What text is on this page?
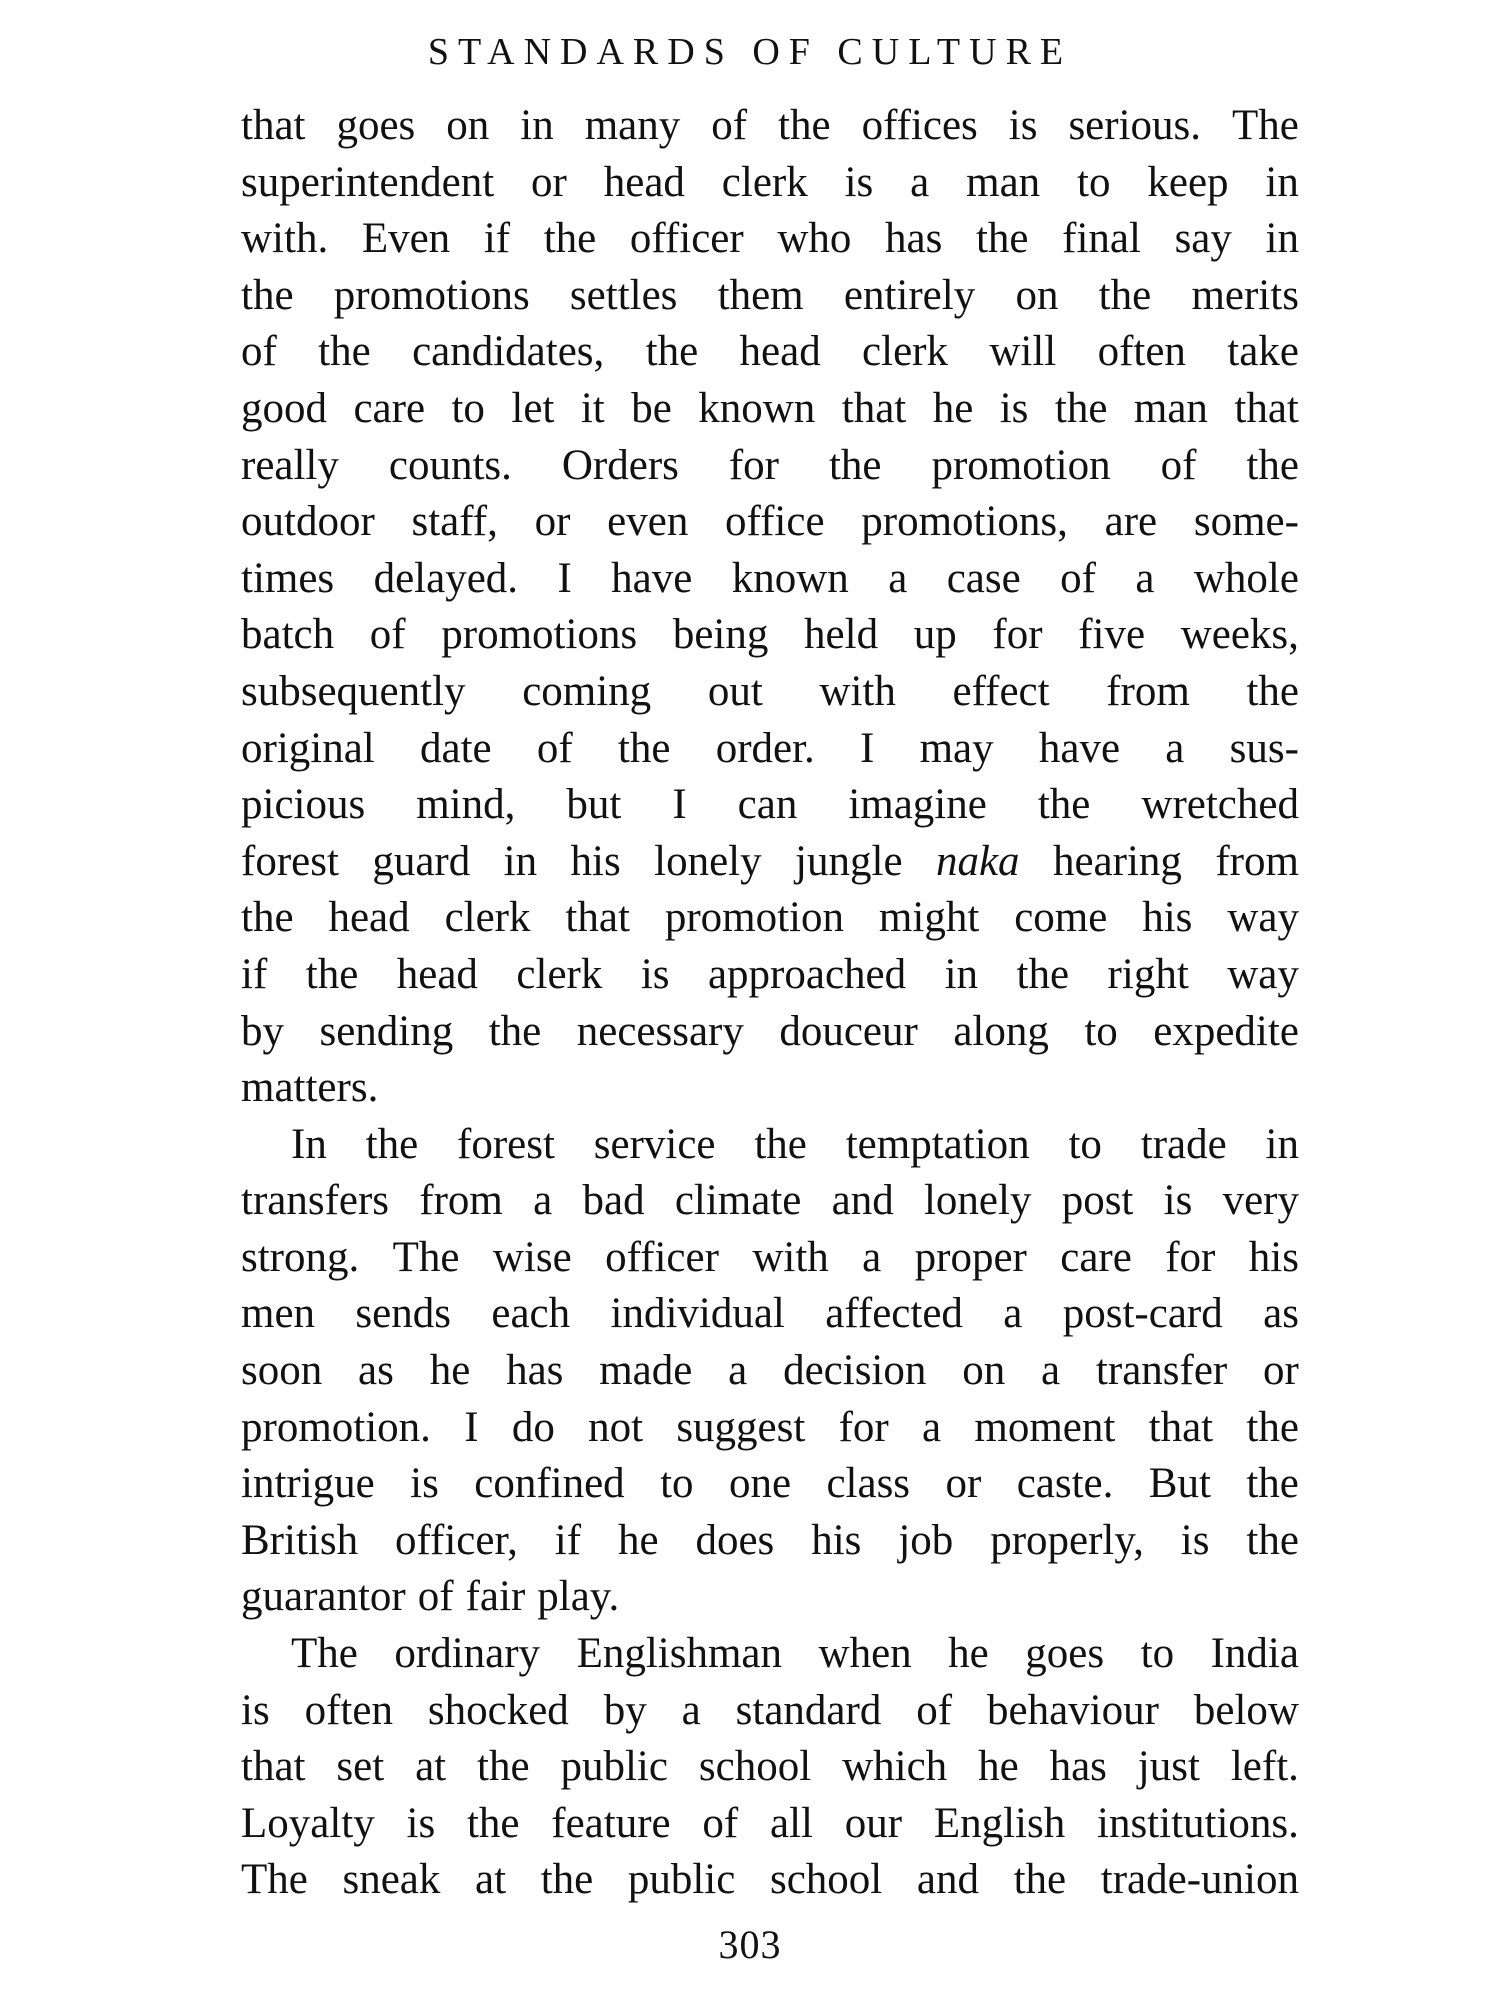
STANDARDS OF CULTURE
that goes on in many of the offices is serious. The
superintendent or head clerk is a man to keep in
with. Even if the officer who has the final say in
the promotions settles them entirely on the merits
of the candidates, the head clerk will often take
good care to let it be known that he is the man that
really counts. Orders for the promotion of the
outdoor staff, or even office promotions, are some-
times delayed. I have known a case of a whole
batch of promotions being held up for five weeks,
subsequently coming out with effect from the
original date of the order. I may have a sus-
picious mind, but I can imagine the wretched
forest guard in his lonely jungle naka hearing from
the head clerk that promotion might come his way
if the head clerk is approached in the right way
by sending the necessary douceur along to expedite
matters.
In the forest service the temptation to trade in
transfers from a bad climate and lonely post is very
strong. The wise officer with a proper care for his
men sends each individual affected a post-card as
soon as he has made a decision on a transfer or
promotion. I do not suggest for a moment that the
intrigue is confined to one class or caste. But the
British officer, if he does his job properly, is the
guarantor of fair play.
The ordinary Englishman when he goes to India
is often shocked by a standard of behaviour below
that set at the public school which he has just left.
Loyalty is the feature of all our English institutions.
The sneak at the public school and the trade-union
303
